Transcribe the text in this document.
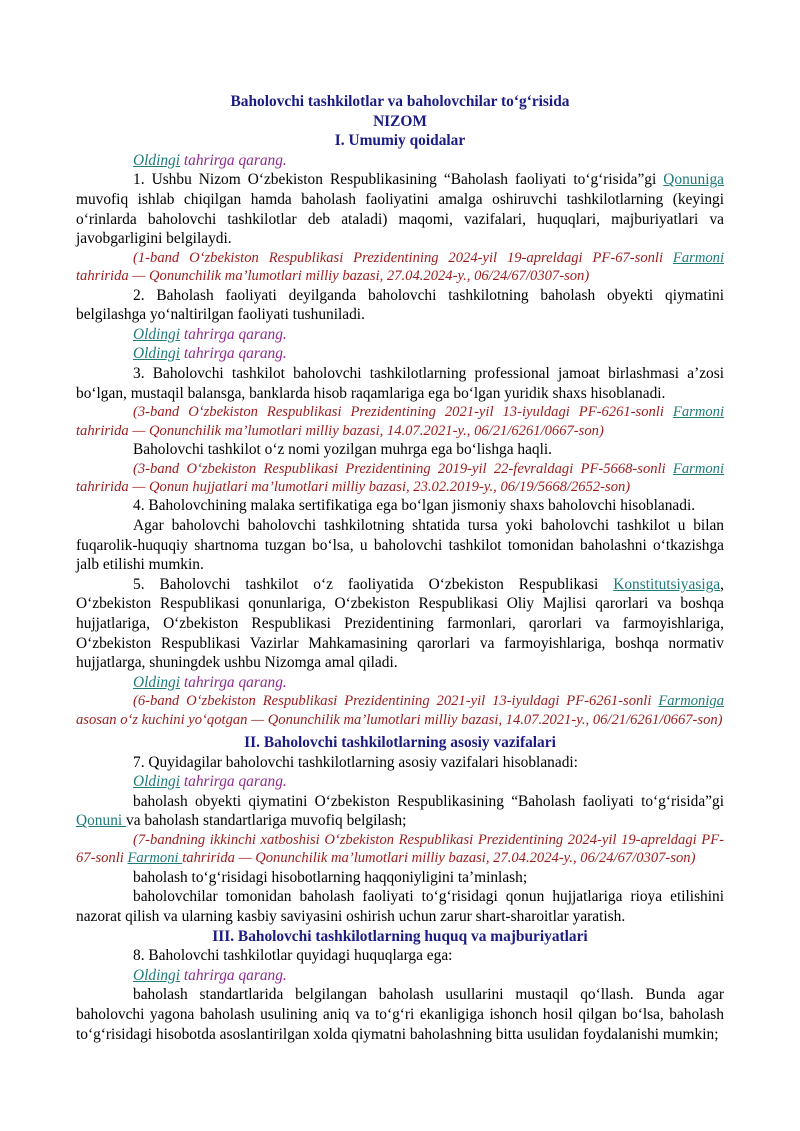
Baholovchi tashkilotlar va baholovchilar to‘g‘risida

NIZOM

I. Umumiy qoidalar

Oldingi tahrirga qarang.

1. Ushbu Nizom O‘zbekiston Respublikasining “Baholash faoliyati to‘g‘risida”gi Qonuniga muvofiq ishlab chiqilgan hamda baholash faoliyatini amalga oshiruvchi tashkilotlarning (keyingi o‘rinlarda baholovchi tashkilotlar deb ataladi) maqomi, vazifalari, huquqlari, majburiyatlari va javobgarligini belgilaydi.

(1-band O‘zbekiston Respublikasi Prezidentining 2024-yil 19-apreldagi PF-67-sonli Farmoni tahririda — Qonunchilik ma’lumotlari milliy bazasi, 27.04.2024-y., 06/24/67/0307-son)

2. Baholash faoliyati deyilganda baholovchi tashkilotning baholash obyekti qiymatini belgilashga yo‘naltirilgan faoliyati tushuniladi.

Oldingi tahrirga qarang.

Oldingi tahrirga qarang.

3. Baholovchi tashkilot baholovchi tashkilotlarning professional jamoat birlashmasi a’zosi bo‘lgan, mustaqil balansga, banklarda hisob raqamlariga ega bo‘lgan yuridik shaxs hisoblanadi.

(3-band O‘zbekiston Respublikasi Prezidentining 2021-yil 13-iyuldagi PF-6261-sonli Farmoni tahririda — Qonunchilik ma’lumotlari milliy bazasi, 14.07.2021-y., 06/21/6261/0667-son)

Baholovchi tashkilot o‘z nomi yozilgan muhrga ega bo‘lishga haqli.

(3-band O‘zbekiston Respublikasi Prezidentining 2019-yil 22-fevraldagi PF-5668-sonli Farmoni tahririda — Qonun hujjatlari ma’lumotlari milliy bazasi, 23.02.2019-y., 06/19/5668/2652-son)

4. Baholovchining malaka sertifikatiga ega bo‘lgan jismoniy shaxs baholovchi hisoblanadi.

Agar baholovchi baholovchi tashkilotning shtatida tursa yoki baholovchi tashkilot u bilan fuqarolik-huquqiy shartnoma tuzgan bo‘lsa, u baholovchi tashkilot tomonidan baholashni o‘tkazishga jalb etilishi mumkin.

5. Baholovchi tashkilot o‘z faoliyatida O‘zbekiston Respublikasi Konstitutsiyasiga, O‘zbekiston Respublikasi qonunlariga, O‘zbekiston Respublikasi Oliy Majlisi qarorlari va boshqa hujjatlariga, O‘zbekiston Respublikasi Prezidentining farmonlari, qarorlari va farmoyishlariga, O‘zbekiston Respublikasi Vazirlar Mahkamasining qarorlari va farmoyishlariga, boshqa normativ hujjatlarga, shuningdek ushbu Nizomga amal qiladi.

Oldingi tahrirga qarang.

(6-band O‘zbekiston Respublikasi Prezidentining 2021-yil 13-iyuldagi PF-6261-sonli Farmoniga asosan o‘z kuchini yo‘qotgan — Qonunchilik ma’lumotlari milliy bazasi, 14.07.2021-y., 06/21/6261/0667-son)

II. Baholovchi tashkilotlarning asosiy vazifalari

7. Quyidagilar baholovchi tashkilotlarning asosiy vazifalari hisoblanadi:

Oldingi tahrirga qarang.

baholash obyekti qiymatini O‘zbekiston Respublikasining “Baholash faoliyati to‘g‘risida”gi Qonuni va baholash standartlariga muvofiq belgilash;

(7-bandning ikkinchi xatboshisi O‘zbekiston Respublikasi Prezidentining 2024-yil 19-apreldagi PF-67-sonli Farmoni tahririda — Qonunchilik ma’lumotlari milliy bazasi, 27.04.2024-y., 06/24/67/0307-son)

baholash to‘g‘risidagi hisobotlarning haqqoniyligini ta’minlash;

baholovchilar tomonidan baholash faoliyati to‘g‘risidagi qonun hujjatlariga rioya etilishini nazorat qilish va ularning kasbiy saviyasini oshirish uchun zarur shart-sharoitlar yaratish.

III. Baholovchi tashkilotlarning huquq va majburiyatlari

8. Baholovchi tashkilotlar quyidagi huquqlarga ega:

Oldingi tahrirga qarang.

baholash standartlarida belgilangan baholash usullarini mustaqil qo‘llash. Bunda agar baholovchi yagona baholash usulining aniq va to‘g‘ri ekanligiga ishonch hosil qilgan bo‘lsa, baholash to‘g‘risidagi hisobotda asoslantirilgan xolda qiymatni baholashning bitta usulidan foydalanishi mumkin;
